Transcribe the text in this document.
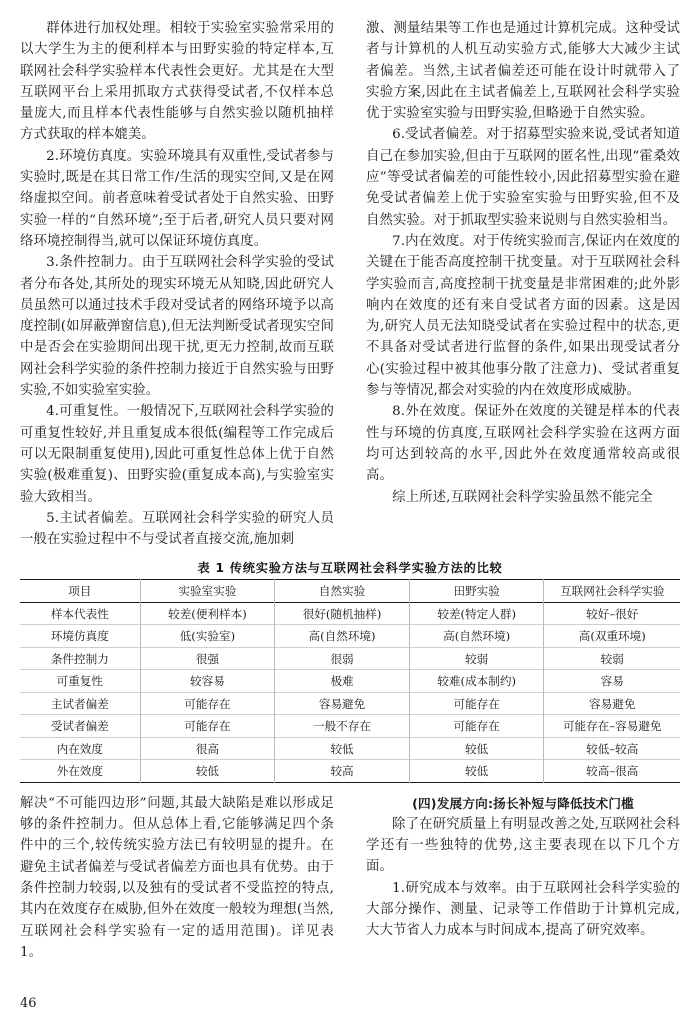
群体进行加权处理。相较于实验室实验常采用的以大学生为主的便利样本与田野实验的特定样本,互联网社会科学实验样本代表性会更好。尤其是在大型互联网平台上采用抓取方式获得受试者,不仅样本总量庞大,而且样本代表性能够与自然实验以随机抽样方式获取的样本媲美。

2.环境仿真度。实验环境具有双重性,受试者参与实验时,既是在其日常工作/生活的现实空间,又是在网络虚拟空间。前者意味着受试者处于自然实验、田野实验一样的“自然环境”;至于后者,研究人员只要对网络环境控制得当,就可以保证环境仿真度。

3.条件控制力。由于互联网社会科学实验的受试者分布各处,其所处的现实环境无从知晓,因此研究人员虽然可以通过技术手段对受试者的网络环境予以高度控制(如屏蔽弹窗信息),但无法判断受试者现实空间中是否会在实验期间出现干扰,更无力控制,故而互联网社会科学实验的条件控制力接近于自然实验与田野实验,不如实验室实验。

4.可重复性。一般情况下,互联网社会科学实验的可重复性较好,并且重复成本很低(编程等工作完成后可以无限制重复使用),因此可重复性总体上优于自然实验(极难重复)、田野实验(重复成本高),与实验室实验大致相当。

5.主试者偏差。互联网社会科学实验的研究人员一般在实验过程中不与受试者直接交流,施加刺

激、测量结果等工作也是通过计算机完成。这种受试者与计算机的人机互动实验方式,能够大大减少主试者偏差。当然,主试者偏差还可能在设计时就带入了实验方案,因此在主试者偏差上,互联网社会科学实验优于实验室实验与田野实验,但略逊于自然实验。

6.受试者偏差。对于招募型实验来说,受试者知道自己在参加实验,但由于互联网的匿名性,出现“霍桑效应”等受试者偏差的可能性较小,因此招募型实验在避免受试者偏差上优于实验室实验与田野实验,但不及自然实验。对于抓取型实验来说则与自然实验相当。

7.内在效度。对于传统实验而言,保证内在效度的关键在于能否高度控制干扰变量。对于互联网社会科学实验而言,高度控制干扰变量是非常困难的;此外影响内在效度的还有来自受试者方面的因素。这是因为,研究人员无法知晓受试者在实验过程中的状态,更不具备对受试者进行监督的条件,如果出现受试者分心(实验过程中被其他事分散了注意力)、受试者重复参与等情况,都会对实验的内在效度形成威胁。

8.外在效度。保证外在效度的关键是样本的代表性与环境的仿真度,互联网社会科学实验在这两方面均可达到较高的水平,因此外在效度通常较高或很高。

综上所述,互联网社会科学实验虽然不能完全

表 1 传统实验方法与互联网社会科学实验方法的比较
项目	实验室实验	自然实验	田野实验	互联网社会科学实验
样本代表性	较差(便利样本)	很好(随机抽样)	较差(特定人群)	较好–很好
环境仿真度	低(实验室)	高(自然环境)	高(自然环境)	高(双重环境)
条件控制力	很强	很弱	较弱	较弱
可重复性	较容易	极难	较难(成本制约)	容易
主试者偏差	可能存在	容易避免	可能存在	容易避免
受试者偏差	可能存在	一般不存在	可能存在	可能存在–容易避免
内在效度	很高	较低	较低	较低–较高
外在效度	较低	较高	较低	较高–很高

解决“不可能四边形”问题,其最大缺陷是难以形成足够的条件控制力。但从总体上看,它能够满足四个条件中的三个,较传统实验方法已有较明显的提升。在避免主试者偏差与受试者偏差方面也具有优势。由于条件控制力较弱,以及独有的受试者不受监控的特点,其内在效度存在威胁,但外在效度一般较为理想(当然,互联网社会科学实验有一定的适用范围)。详见表 1。

(四)发展方向:扬长补短与降低技术门槛

除了在研究质量上有明显改善之处,互联网社会科学还有一些独特的优势,这主要表现在以下几个方面。

1.研究成本与效率。由于互联网社会科学实验的大部分操作、测量、记录等工作借助于计算机完成,大大节省人力成本与时间成本,提高了研究效率。

46
